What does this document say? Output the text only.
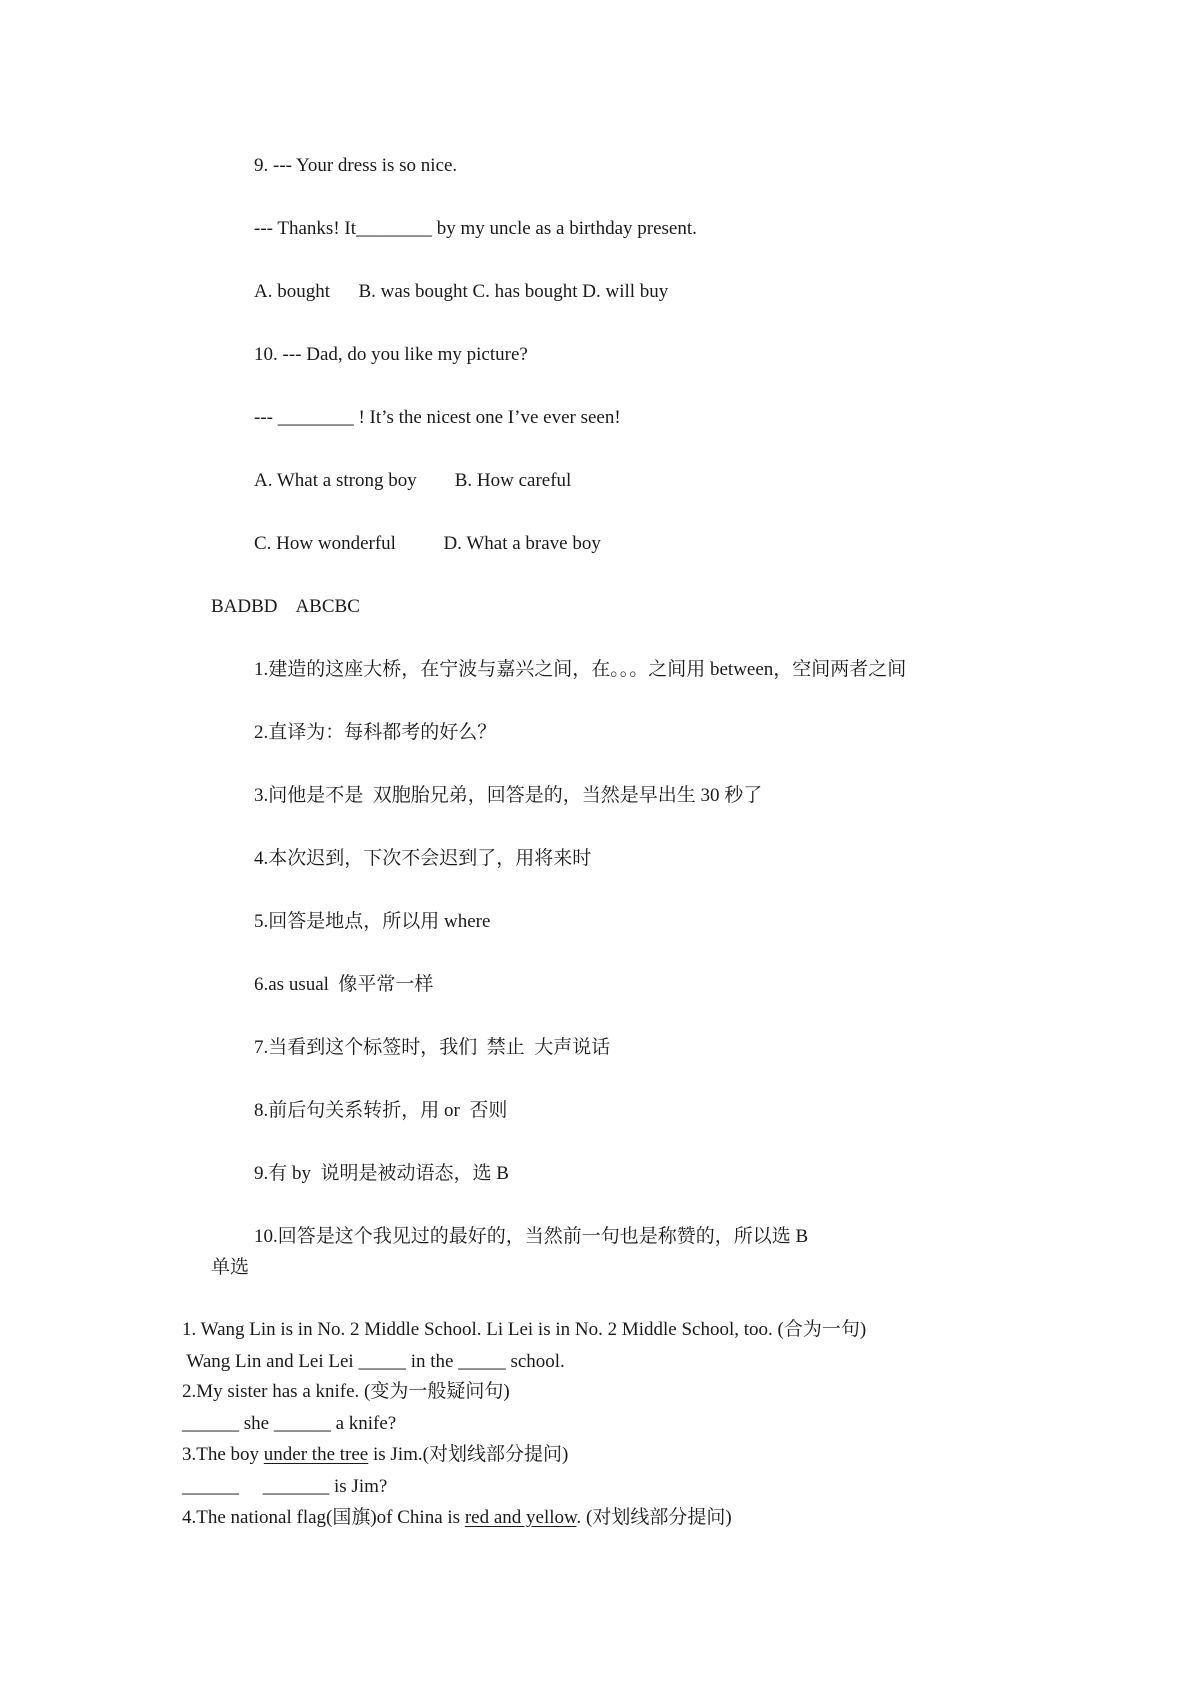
9. --- Your dress is so nice.
--- Thanks! It________ by my uncle as a birthday present.
A. bought      B. was bought C. has bought D. will buy
10. --- Dad, do you like my picture?
--- ________ ! It’s the nicest one I’ve ever seen!
A. What a strong boy        B. How careful
C. How wonderful          D. What a brave boy
BADBD    ABCBC
1.建造的这座大桥，在宁波与嘉兴之间，在。。。之间用 between，空间两者之间
2.直译为：每科都考的好么？
3.问他是不是  双胞胎兄弟，回答是的，当然是早出生 30 秒了
4.本次迟到，下次不会迟到了，用将来时
5.回答是地点，所以用 where
6.as usual  像平常一样
7.当看到这个标签时，我们  禁止  大声说话
8.前后句关系转折，用 or  否则
9.有 by  说明是被动语态，选 B
10.回答是这个我见过的最好的，当然前一句也是称赞的，所以选 B
单选
1. Wang Lin is in No. 2 Middle School. Li Lei is in No. 2 Middle School, too. (合为一句)
Wang Lin and Lei Lei _____ in the _____ school.
2.My sister has a knife. (变为一般疑问句)
______ she ______ a knife?
3.The boy under the tree is Jim.(对划线部分提问)
______     _______ is Jim?
4.The national flag(国旗)of China is red and yellow. (对划线部分提问)
